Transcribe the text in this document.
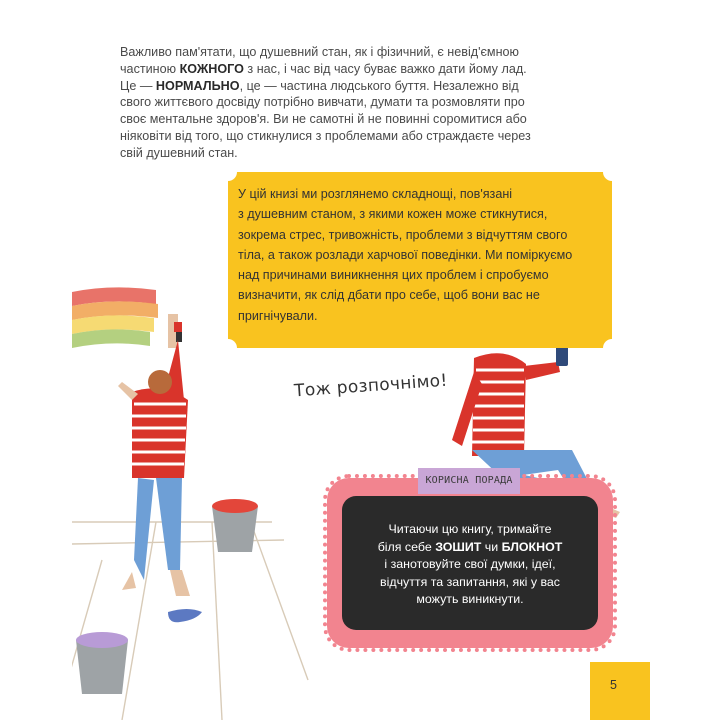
Важливо пам'ятати, що душевний стан, як і фізичний, є невід'ємною
частиною КОЖНОГО з нас, і час від часу буває важко дати йому лад.
Це — НОРМАЛЬНО, це — частина людського буття. Незалежно від
свого життєвого досвіду потрібно вивчати, думати та розмовляти про
своє ментальне здоров'я. Ви не самотні й не повинні соромитися або
ніяковіти від того, що стикнулися з проблемами або страждаєте через
свій душевний стан.
У цій книзі ми розглянемо складнощі, пов'язані
з душевним станом, з якими кожен може стикнутися,
зокрема стрес, тривожність, проблеми з відчуттям свого
тіла, а також розлади харчової поведінки. Ми поміркуємо
над причинами виникнення цих проблем і спробуємо
визначити, як слід дбати про себе, щоб вони вас не
пригнічували.
Тож розпочнімо!
КОРИСНА ПОРАДА
Читаючи цю книгу, тримайте
біля себе ЗОШИТ чи БЛОКНОТ
і занотовуйте свої думки, ідеї,
відчуття та запитання, які у вас
можуть виникнути.
5
